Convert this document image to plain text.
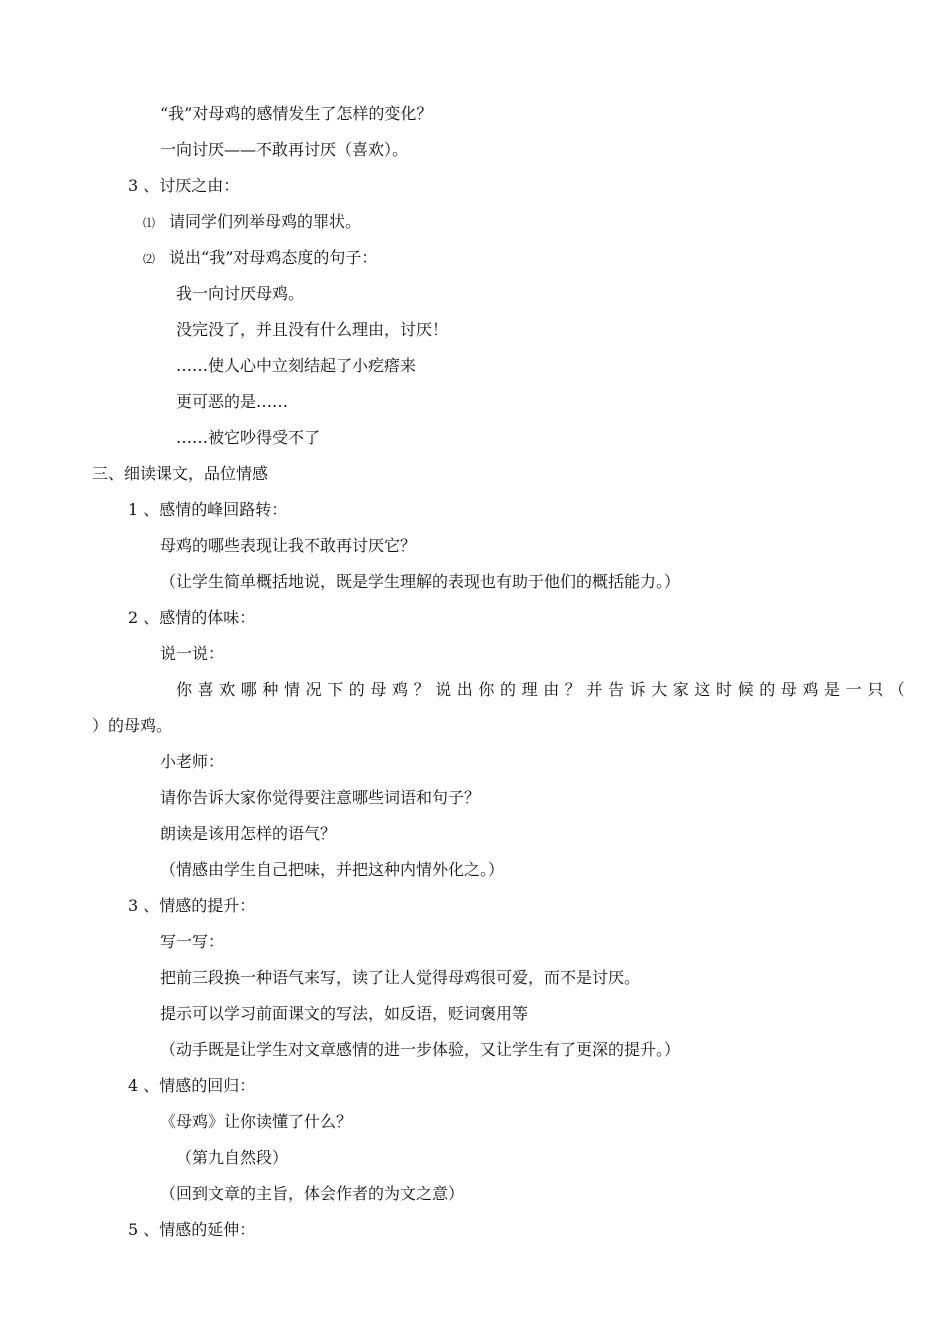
“我”对母鸡的感情发生了怎样的变化？
一向讨厌——不敢再讨厌（喜欢）。
3 、讨厌之由：
⑴ 请同学们列举母鸡的罪状。
⑵ 说出“我”对母鸡态度的句子：
我一向讨厌母鸡。
没完没了，并且没有什么理由，讨厌！
……使人心中立刻结起了小疙瘩来
更可恶的是……
……被它吵得受不了
三、细读课文，品位情感
1 、感情的峰回路转：
母鸡的哪些表现让我不敢再讨厌它？
（让学生简单概括地说，既是学生理解的表现也有助于他们的概括能力。）
2 、感情的体味：
说一说：
你喜欢哪种情况下的母鸡？说出你的理由？并告诉大家这时候的母鸡是一只（
）的母鸡。
小老师：
请你告诉大家你觉得要注意哪些词语和句子？
朗读是该用怎样的语气？
（情感由学生自己把味，并把这种内情外化之。）
3 、情感的提升：
写一写：
把前三段换一种语气来写，读了让人觉得母鸡很可爱，而不是讨厌。
提示可以学习前面课文的写法，如反语，贬词褒用等
（动手既是让学生对文章感情的进一步体验，又让学生有了更深的提升。）
4 、情感的回归：
《母鸡》让你读懂了什么？
（第九自然段）
（回到文章的主旨，体会作者的为文之意）
5 、情感的延伸：
